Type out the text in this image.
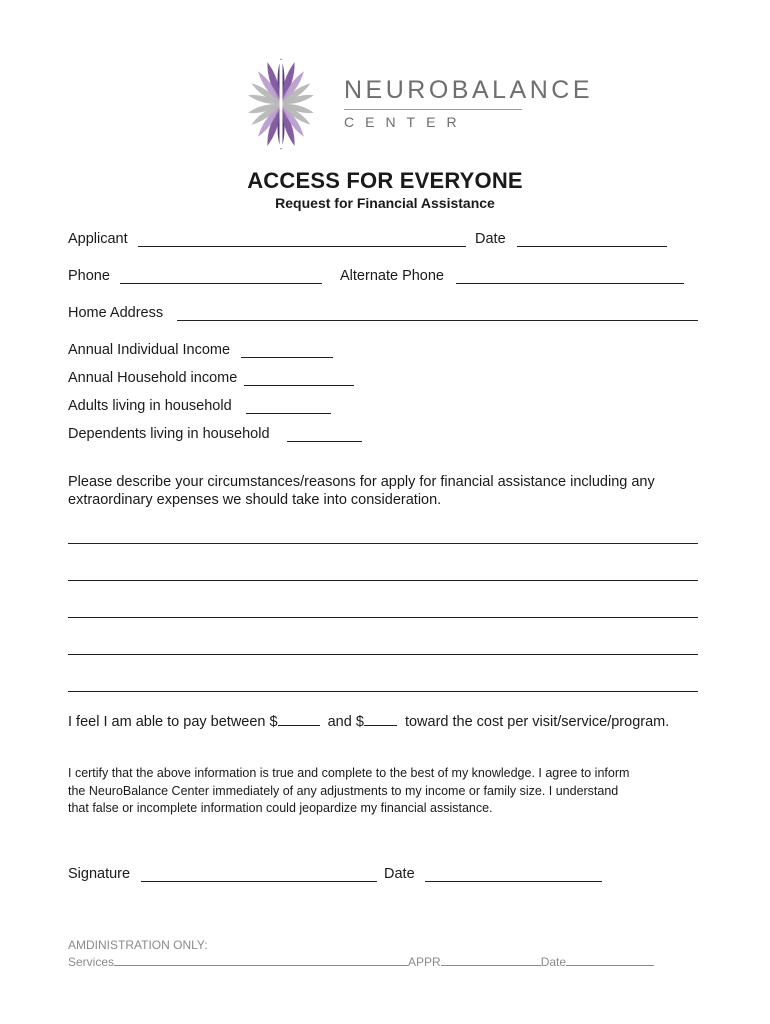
NEUROBALANCE
CENTER
ACCESS FOR EVERYONE
Request for Financial Assistance
Applicant	Date
Phone	Alternate Phone
Home Address
Annual Individual Income
Annual Household income
Adults living in household
Dependents living in household
Please describe your circumstances/reasons for apply for financial assistance including any
extraordinary expenses we should take into consideration.
I feel I am able to pay between $	and $	toward the cost per visit/service/program.
I certify that the above information is true and complete to the best of my knowledge. I agree to inform
the NeuroBalance Center immediately of any adjustments to my income or family size. I understand
that false or incomplete information could jeopardize my financial assistance.
Signature	Date
AMDINISTRATION ONLY:
Services	APPR	Date
